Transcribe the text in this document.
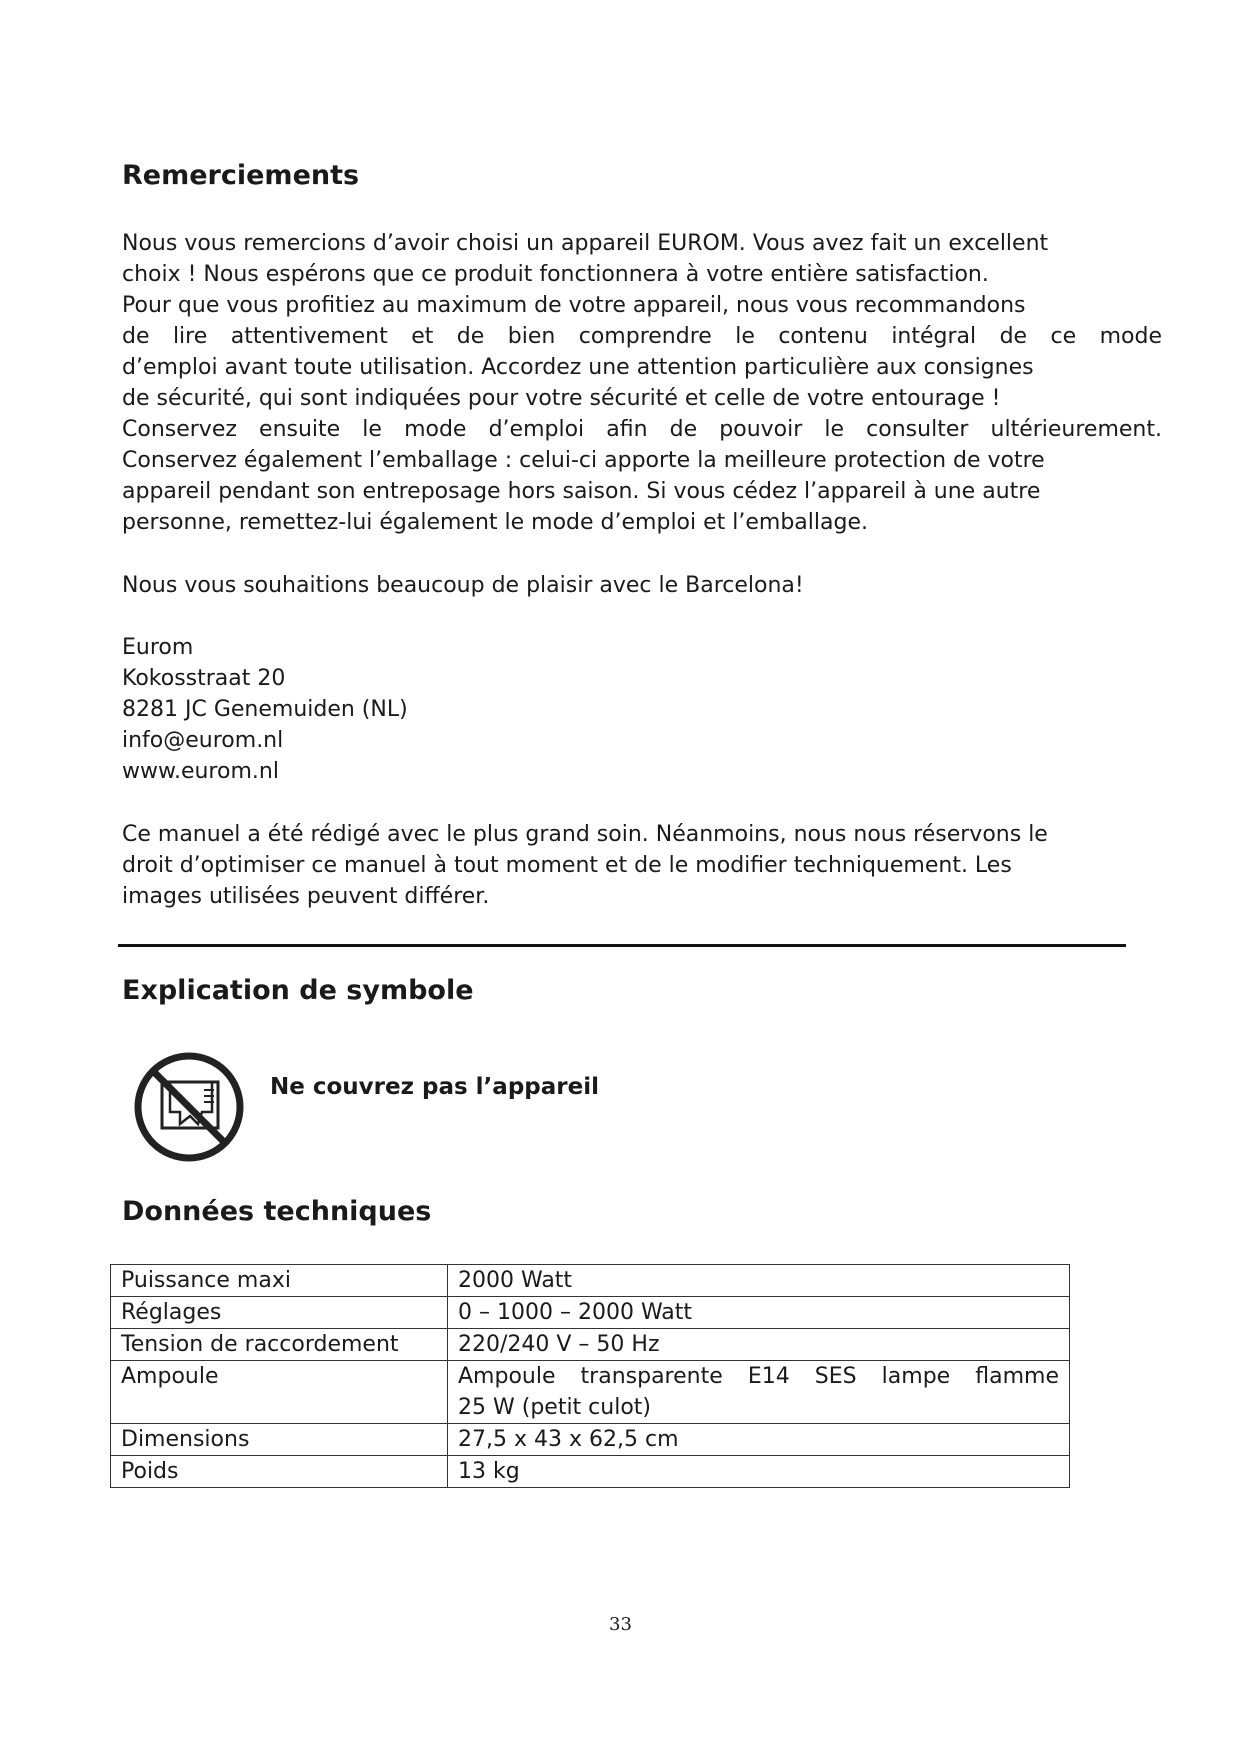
Remerciements
Nous vous remercions d’avoir choisi un appareil EUROM. Vous avez fait un excellent
choix ! Nous espérons que ce produit fonctionnera à votre entière satisfaction.
Pour que vous profitiez au maximum de votre appareil, nous vous recommandons
de lire attentivement et de bien comprendre le contenu intégral de ce mode
d’emploi avant toute utilisation. Accordez une attention particulière aux consignes
de sécurité, qui sont indiquées pour votre sécurité et celle de votre entourage !
Conservez ensuite le mode d’emploi afin de pouvoir le consulter ultérieurement.
Conservez également l’emballage : celui-ci apporte la meilleure protection de votre
appareil pendant son entreposage hors saison. Si vous cédez l’appareil à une autre
personne, remettez-lui également le mode d’emploi et l’emballage.

Nous vous souhaitions beaucoup de plaisir avec le Barcelona!

Eurom
Kokosstraat 20
8281 JC Genemuiden (NL)
info@eurom.nl
www.eurom.nl
Ce manuel a été rédigé avec le plus grand soin. Néanmoins, nous nous réservons le
droit d’optimiser ce manuel à tout moment et de le modifier techniquement. Les
images utilisées peuvent différer.
Explication de symbole
Ne couvrez pas l’appareil
Données techniques
Puissance maxi	2000 Watt

Réglages	0 – 1000 – 2000 Watt

Tension de raccordement	220/240 V – 50 Hz

Ampoule	Ampoule transparente E14 SES lampe flamme
25 W (petit culot)

Dimensions	27,5 x 43 x 62,5 cm

Poids	13 kg
33
